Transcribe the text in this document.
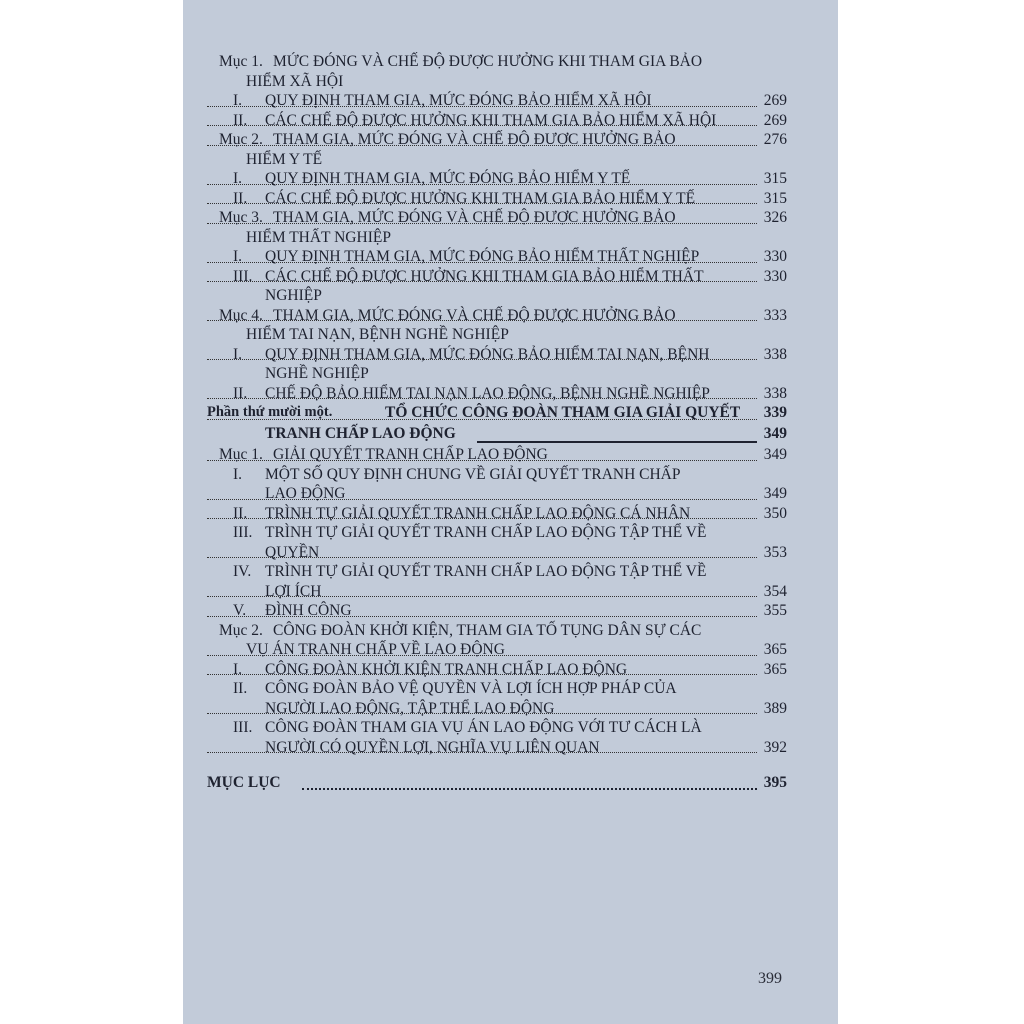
Mục 1. MỨC ĐÓNG VÀ CHẾ ĐỘ ĐƯỢC HƯỞNG KHI THAM GIA BẢO
HIỂM XÃ HỘI
I.	QUY ĐỊNH THAM GIA, MỨC ĐÓNG BẢO HIỂM XÃ HỘI	269
II.	CÁC CHẾ ĐỘ ĐƯỢC HƯỞNG KHI THAM GIA BẢO HIỂM XÃ HỘI	269
Mục 2. THAM GIA, MỨC ĐÓNG VÀ CHẾ ĐỘ ĐƯỢC HƯỞNG BẢO	276
HIỂM Y TẾ
I.	QUY ĐỊNH THAM GIA, MỨC ĐÓNG BẢO HIỂM Y TẾ	315
II.	CÁC CHẾ ĐỘ ĐƯỢC HƯỞNG KHI THAM GIA BẢO HIỂM Y TẾ	315
Mục 3. THAM GIA, MỨC ĐÓNG VÀ CHẾ ĐỘ ĐƯỢC HƯỞNG BẢO	326
HIỂM THẤT NGHIỆP
I.	QUY ĐỊNH THAM GIA, MỨC ĐÓNG BẢO HIỂM THẤT NGHIỆP	330
III. CÁC CHẾ ĐỘ ĐƯỢC HƯỞNG KHI THAM GIA BẢO HIỂM THẤT	330
NGHIỆP
Mục 4. THAM GIA, MỨC ĐÓNG VÀ CHẾ ĐỘ ĐƯỢC HƯỞNG BẢO	333
HIỂM TAI NẠN, BỆNH NGHỀ NGHIỆP
I.	QUY ĐỊNH THAM GIA, MỨC ĐÓNG BẢO HIỂM TAI NẠN, BỆNH	338
NGHỀ NGHIỆP
II.	CHẾ ĐỘ BẢO HIỂM TAI NẠN LAO ĐỘNG, BỆNH NGHỀ NGHIỆP	338
Phần thứ mười một.	TỔ CHỨC CÔNG ĐOÀN THAM GIA GIẢI QUYẾT	339
TRANH CHẤP LAO ĐỘNG	349
Mục 1. GIẢI QUYẾT TRANH CHẤP LAO ĐỘNG	349
I.	MỘT SỐ QUY ĐỊNH CHUNG VỀ GIẢI QUYẾT TRANH CHẤP
LAO ĐỘNG	349
II.	TRÌNH TỰ GIẢI QUYẾT TRANH CHẤP LAO ĐỘNG CÁ NHÂN	350
III. TRÌNH TỰ GIẢI QUYẾT TRANH CHẤP LAO ĐỘNG TẬP THỂ VỀ
QUYỀN	353
IV. TRÌNH TỰ GIẢI QUYẾT TRANH CHẤP LAO ĐỘNG TẬP THỂ VỀ
LỢI ÍCH	354
V.	ĐÌNH CÔNG	355
Mục 2. CÔNG ĐOÀN KHỞI KIỆN, THAM GIA TỐ TỤNG DÂN SỰ CÁC
VỤ ÁN TRANH CHẤP VỀ LAO ĐỘNG	365
I.	CÔNG ĐOÀN KHỞI KIỆN TRANH CHẤP LAO ĐỘNG	365
II.	CÔNG ĐOÀN BẢO VỆ QUYỀN VÀ LỢI ÍCH HỢP PHÁP CỦA
NGƯỜI LAO ĐỘNG, TẬP THỂ LAO ĐỘNG	389
III. CÔNG ĐOÀN THAM GIA VỤ ÁN LAO ĐỘNG VỚI TƯ CÁCH LÀ
NGƯỜI CÓ QUYỀN LỢI, NGHĨA VỤ LIÊN QUAN	392
MỤC LỤC	395
399
